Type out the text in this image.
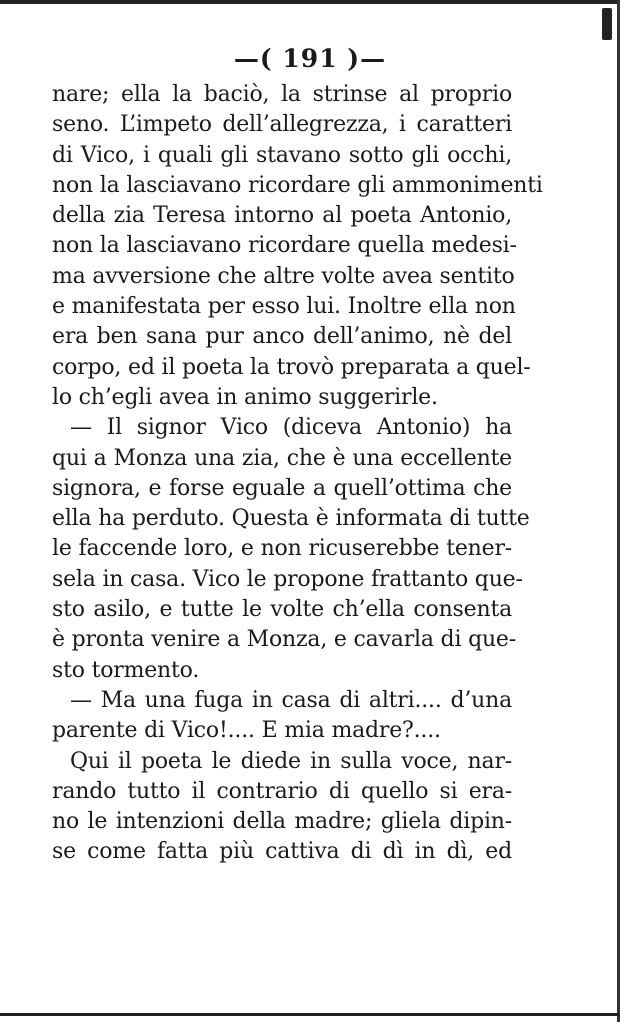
—( 191 )—
nare; ella la baciò, la strinse al proprio
seno. L’impeto dell’allegrezza, i caratteri
di Vico, i quali gli stavano sotto gli occhi,
non la lasciavano ricordare gli ammonimenti
della zia Teresa intorno al poeta Antonio,
non la lasciavano ricordare quella medesi-
ma avversione che altre volte avea sentito
e manifestata per esso lui. Inoltre ella non
era ben sana pur anco dell’animo, nè del
corpo, ed il poeta la trovò preparata a quel-
lo ch’egli avea in animo suggerirle.
— Il signor Vico (diceva Antonio) ha
qui a Monza una zia, che è una eccellente
signora, e forse eguale a quell’ottima che
ella ha perduto. Questa è informata di tutte
le faccende loro, e non ricuserebbe tener-
sela in casa. Vico le propone frattanto que-
sto asilo, e tutte le volte ch’ella consenta
è pronta venire a Monza, e cavarla di que-
sto tormento.
— Ma una fuga in casa di altri.... d’una
parente di Vico!.... E mia madre?....
Qui il poeta le diede in sulla voce, nar-
rando tutto il contrario di quello si era-
no le intenzioni della madre; gliela dipin-
se come fatta più cattiva di dì in dì, ed
